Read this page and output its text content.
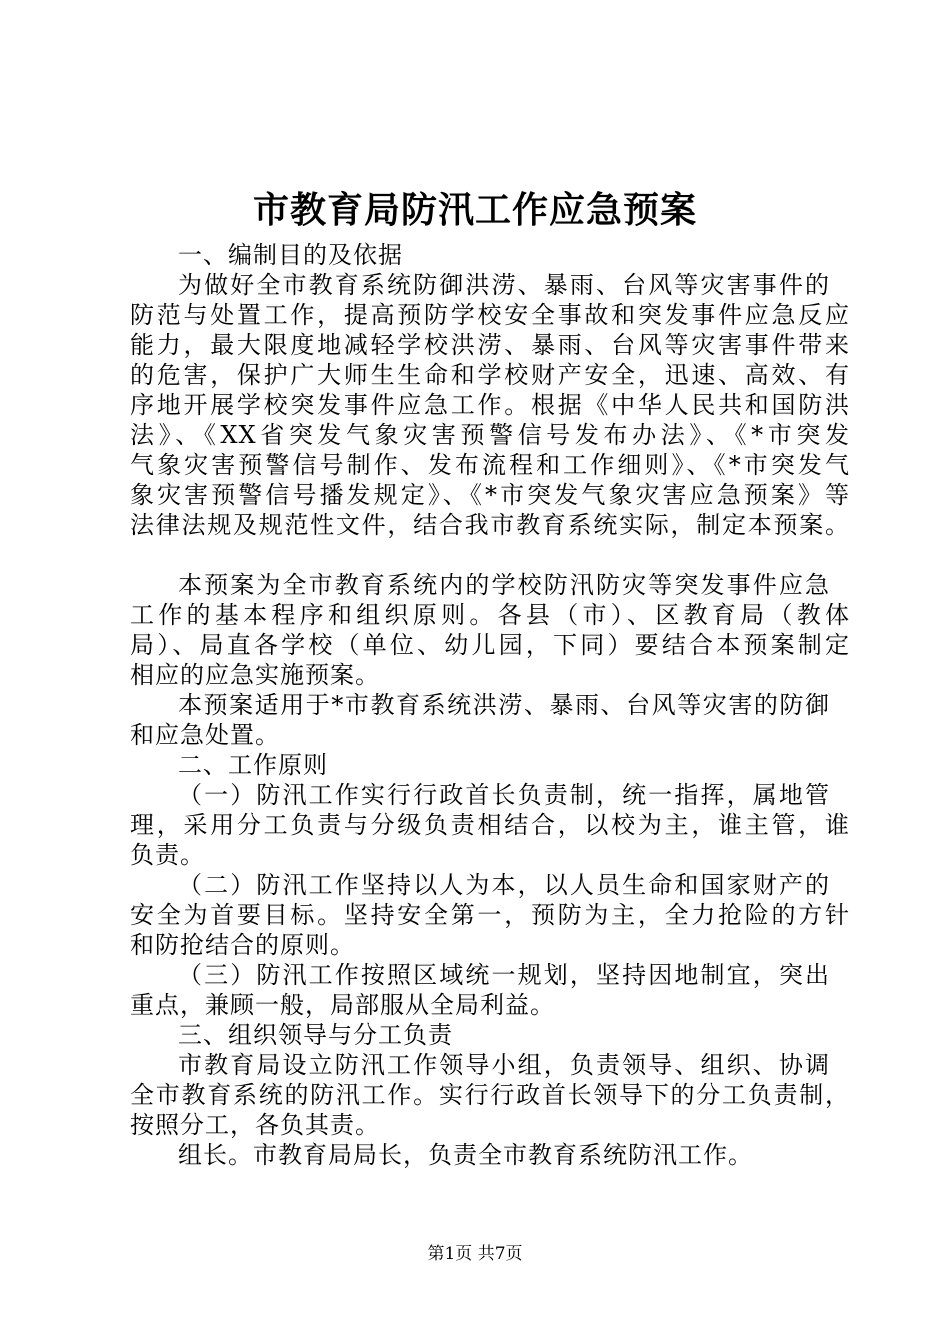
市教育局防汛工作应急预案
一、编制目的及依据
为做好全市教育系统防御洪涝、暴雨、台风等灾害事件的
防范与处置工作，提高预防学校安全事故和突发事件应急反应
能力，最大限度地减轻学校洪涝、暴雨、台风等灾害事件带来
的危害，保护广大师生生命和学校财产安全，迅速、高效、有
序地开展学校突发事件应急工作。根据《中华人民共和国防洪
法》、《XX省突发气象灾害预警信号发布办法》、《*市突发
气象灾害预警信号制作、发布流程和工作细则》、《*市突发气
象灾害预警信号播发规定》、《*市突发气象灾害应急预案》等
法律法规及规范性文件，结合我市教育系统实际，制定本预案。
本预案为全市教育系统内的学校防汛防灾等突发事件应急
工作的基本程序和组织原则。各县（市）、区教育局（教体
局）、局直各学校（单位、幼儿园，下同）要结合本预案制定
相应的应急实施预案。
本预案适用于*市教育系统洪涝、暴雨、台风等灾害的防御
和应急处置。
二、工作原则
（一）防汛工作实行行政首长负责制，统一指挥，属地管
理，采用分工负责与分级负责相结合，以校为主，谁主管，谁
负责。
（二）防汛工作坚持以人为本，以人员生命和国家财产的
安全为首要目标。坚持安全第一，预防为主，全力抢险的方针
和防抢结合的原则。
（三）防汛工作按照区域统一规划，坚持因地制宜，突出
重点，兼顾一般，局部服从全局利益。
三、组织领导与分工负责
市教育局设立防汛工作领导小组，负责领导、组织、协调
全市教育系统的防汛工作。实行行政首长领导下的分工负责制，
按照分工，各负其责。
组长。市教育局局长，负责全市教育系统防汛工作。
第1页 共7页
